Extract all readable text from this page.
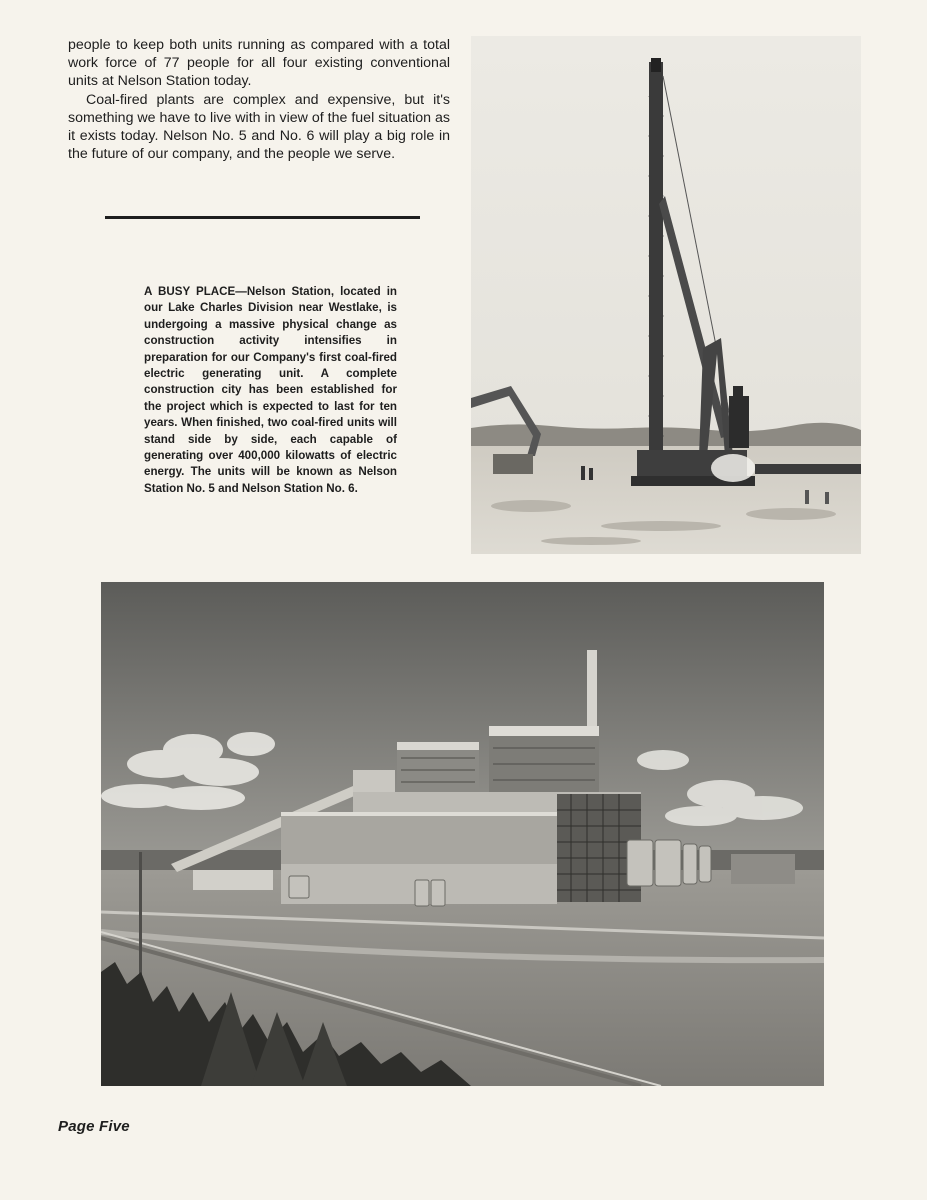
people to keep both units running as compared with a total work force of 77 people for all four existing conventional units at Nelson Station today.

Coal-fired plants are complex and expensive, but it's something we have to live with in view of the fuel situation as it exists today. Nelson No. 5 and No. 6 will play a big role in the future of our company, and the people we serve.

A BUSY PLACE—Nelson Station, located in our Lake Charles Division near Westlake, is undergoing a massive physical change as construction activity intensifies in preparation for our Company's first coal-fired electric generating unit. A complete construction city has been established for the project which is expected to last for ten years. When finished, two coal-fired units will stand side by side, each capable of generating over 400,000 kilowatts of electric energy. The units will be known as Nelson Station No. 5 and Nelson Station No. 6.

Page Five
